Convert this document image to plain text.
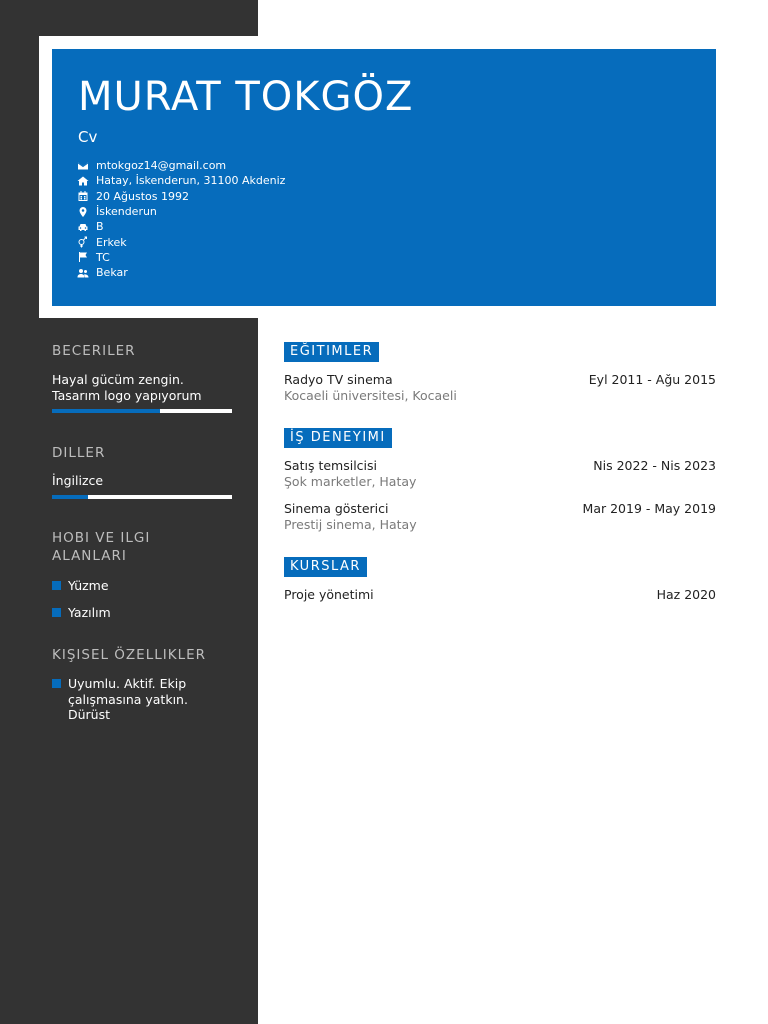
MURAT TOKGÖZ
Cv
mtokgoz14@gmail.com
Hatay, İskenderun, 31100 Akdeniz
20 Ağustos 1992
İskenderun
B
Erkek
TC
Bekar
BECERILER
Hayal gücüm zengin.
Tasarım logo yapıyorum
DILLER
İngilizce
HOBI VE ILGI
ALANLARI
Yüzme
Yazılım
KIŞISEL ÖZELLIKLER
Uyumlu. Aktif. Ekip
çalışmasına yatkın.
Dürüst
EĞITIMLER
Radyo TV sinema	Eyl 2011 - Ağu 2015
Kocaeli üniversitesi, Kocaeli
İŞ DENEYIMI
Satış temsilcisi	Nis 2022 - Nis 2023
Şok marketler, Hatay
Sinema gösterici	Mar 2019 - May 2019
Prestij sinema, Hatay
KURSLAR
Proje yönetimi	Haz 2020
